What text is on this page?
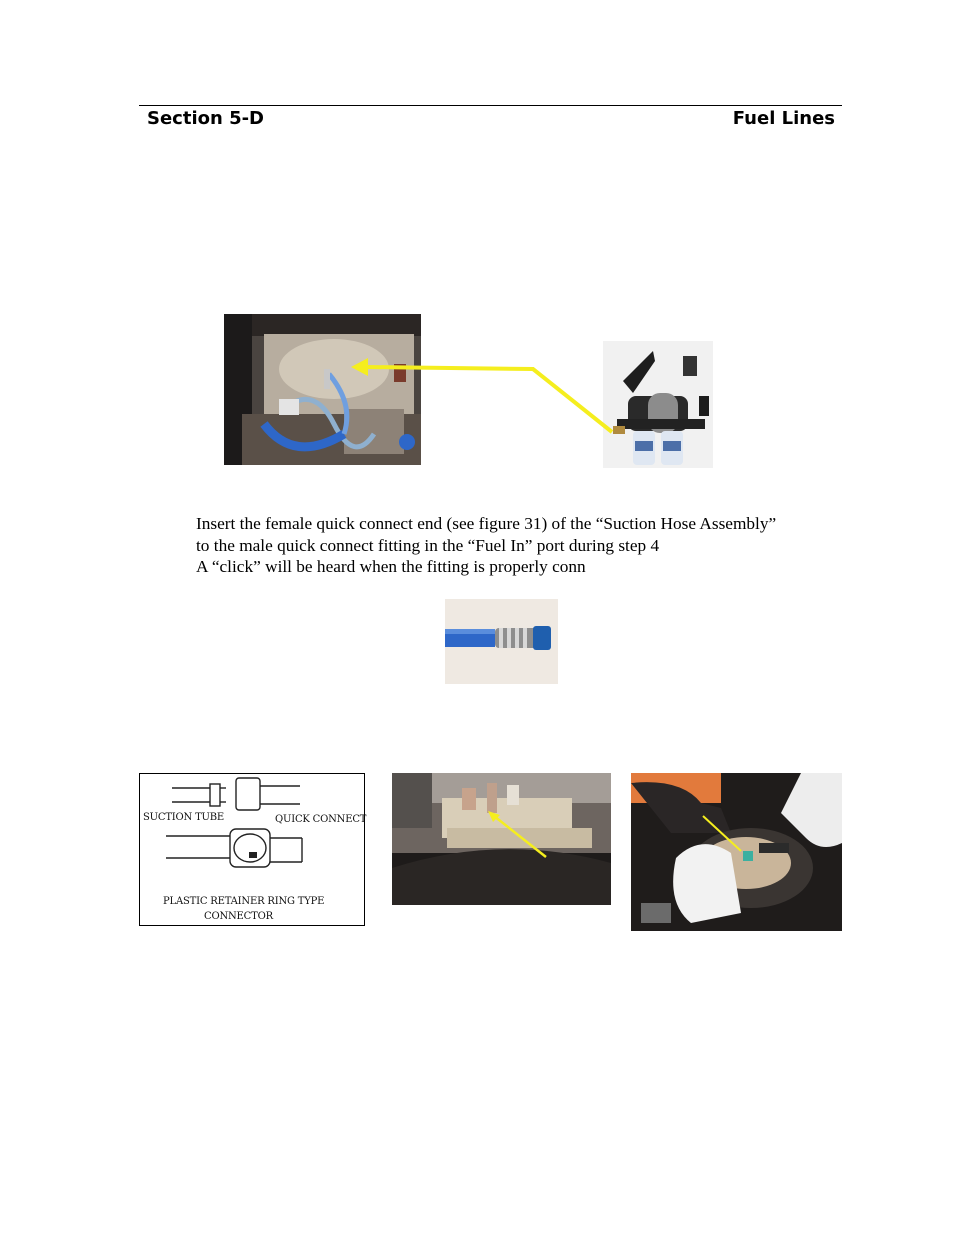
Section 5-D	Fuel Lines
Insert the female quick connect end (see figure 31) of the “Suction Hose Assembly”
to the male quick connect fitting in the “Fuel In” port during step 4
A “click” will be heard when the fitting is properly conn
SUCTION TUBE	QUICK CONNECT
PLASTIC RETAINER RING TYPE
CONNECTOR
